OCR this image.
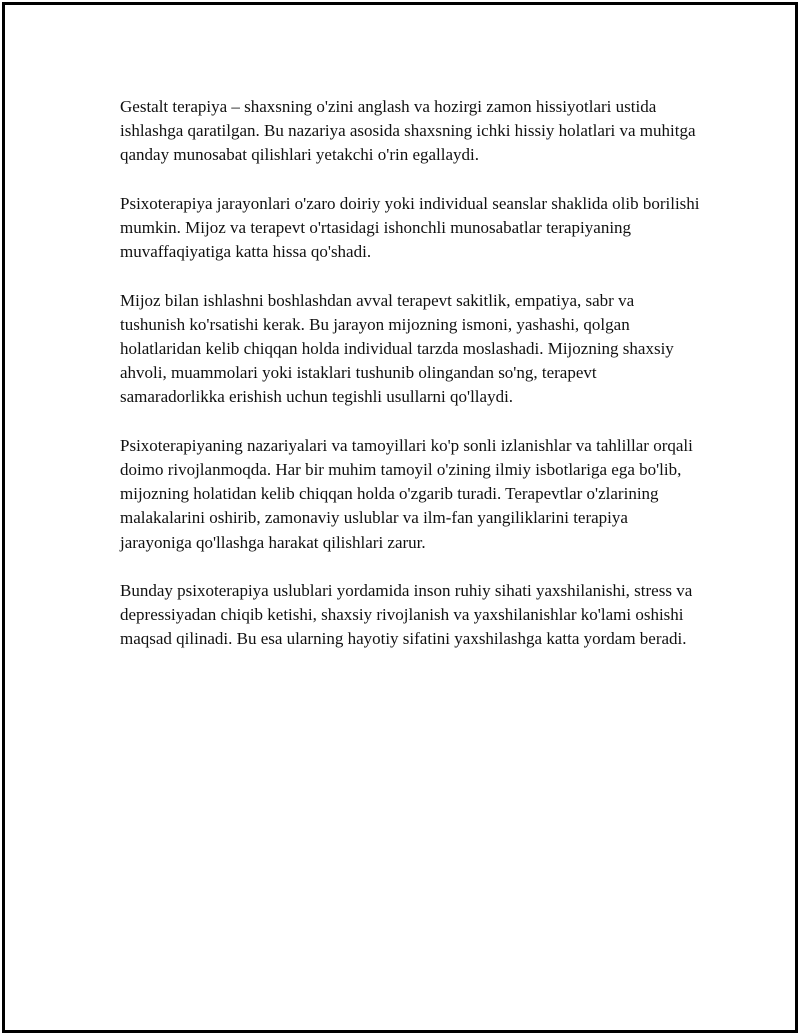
Gestalt terapiya – shaxsning o'zini anglash va hozirgi zamon hissiyotlari ustida ishlashga qaratilgan. Bu nazariya asosida shaxsning ichki hissiy holatlari va muhitga qanday munosabat qilishlari yetakchi o'rin egallaydi.

Psixoterapiya jarayonlari o'zaro doiriy yoki individual seanslar shaklida olib borilishi mumkin. Mijoz va terapevt o'rtasidagi ishonchli munosabatlar terapiyaning muvaffaqiyatiga katta hissa qo'shadi.

Mijoz bilan ishlashni boshlashdan avval terapevt sakitlik, empatiya, sabr va tushunish ko'rsatishi kerak. Bu jarayon mijozning ismoni, yashashi, qolgan holatlaridan kelib chiqqan holda individual tarzda moslashadi. Mijozning shaxsiy ahvoli, muammolari yoki istaklari tushunib olingandan so'ng, terapevt samaradorlikka erishish uchun tegishli usullarni qo'llaydi.

Psixoterapiyaning nazariyalari va tamoyillari ko'p sonli izlanishlar va tahlillar orqali doimo rivojlanmoqda. Har bir muhim tamoyil o'zining ilmiy isbotlariga ega bo'lib, mijozning holatidan kelib chiqqan holda o'zgarib turadi. Terapevtlar o'zlarining malakalarini oshirib, zamonaviy uslublar va ilm-fan yangiliklarini terapiya jarayoniga qo'llashga harakat qilishlari zarur.

Bunday psixoterapiya uslublari yordamida inson ruhiy sihati yaxshilanishi, stress va depressiyadan chiqib ketishi, shaxsiy rivojlanish va yaxshilanishlar ko'lami oshishi maqsad qilinadi. Bu esa ularning hayotiy sifatini yaxshilashga katta yordam beradi.
